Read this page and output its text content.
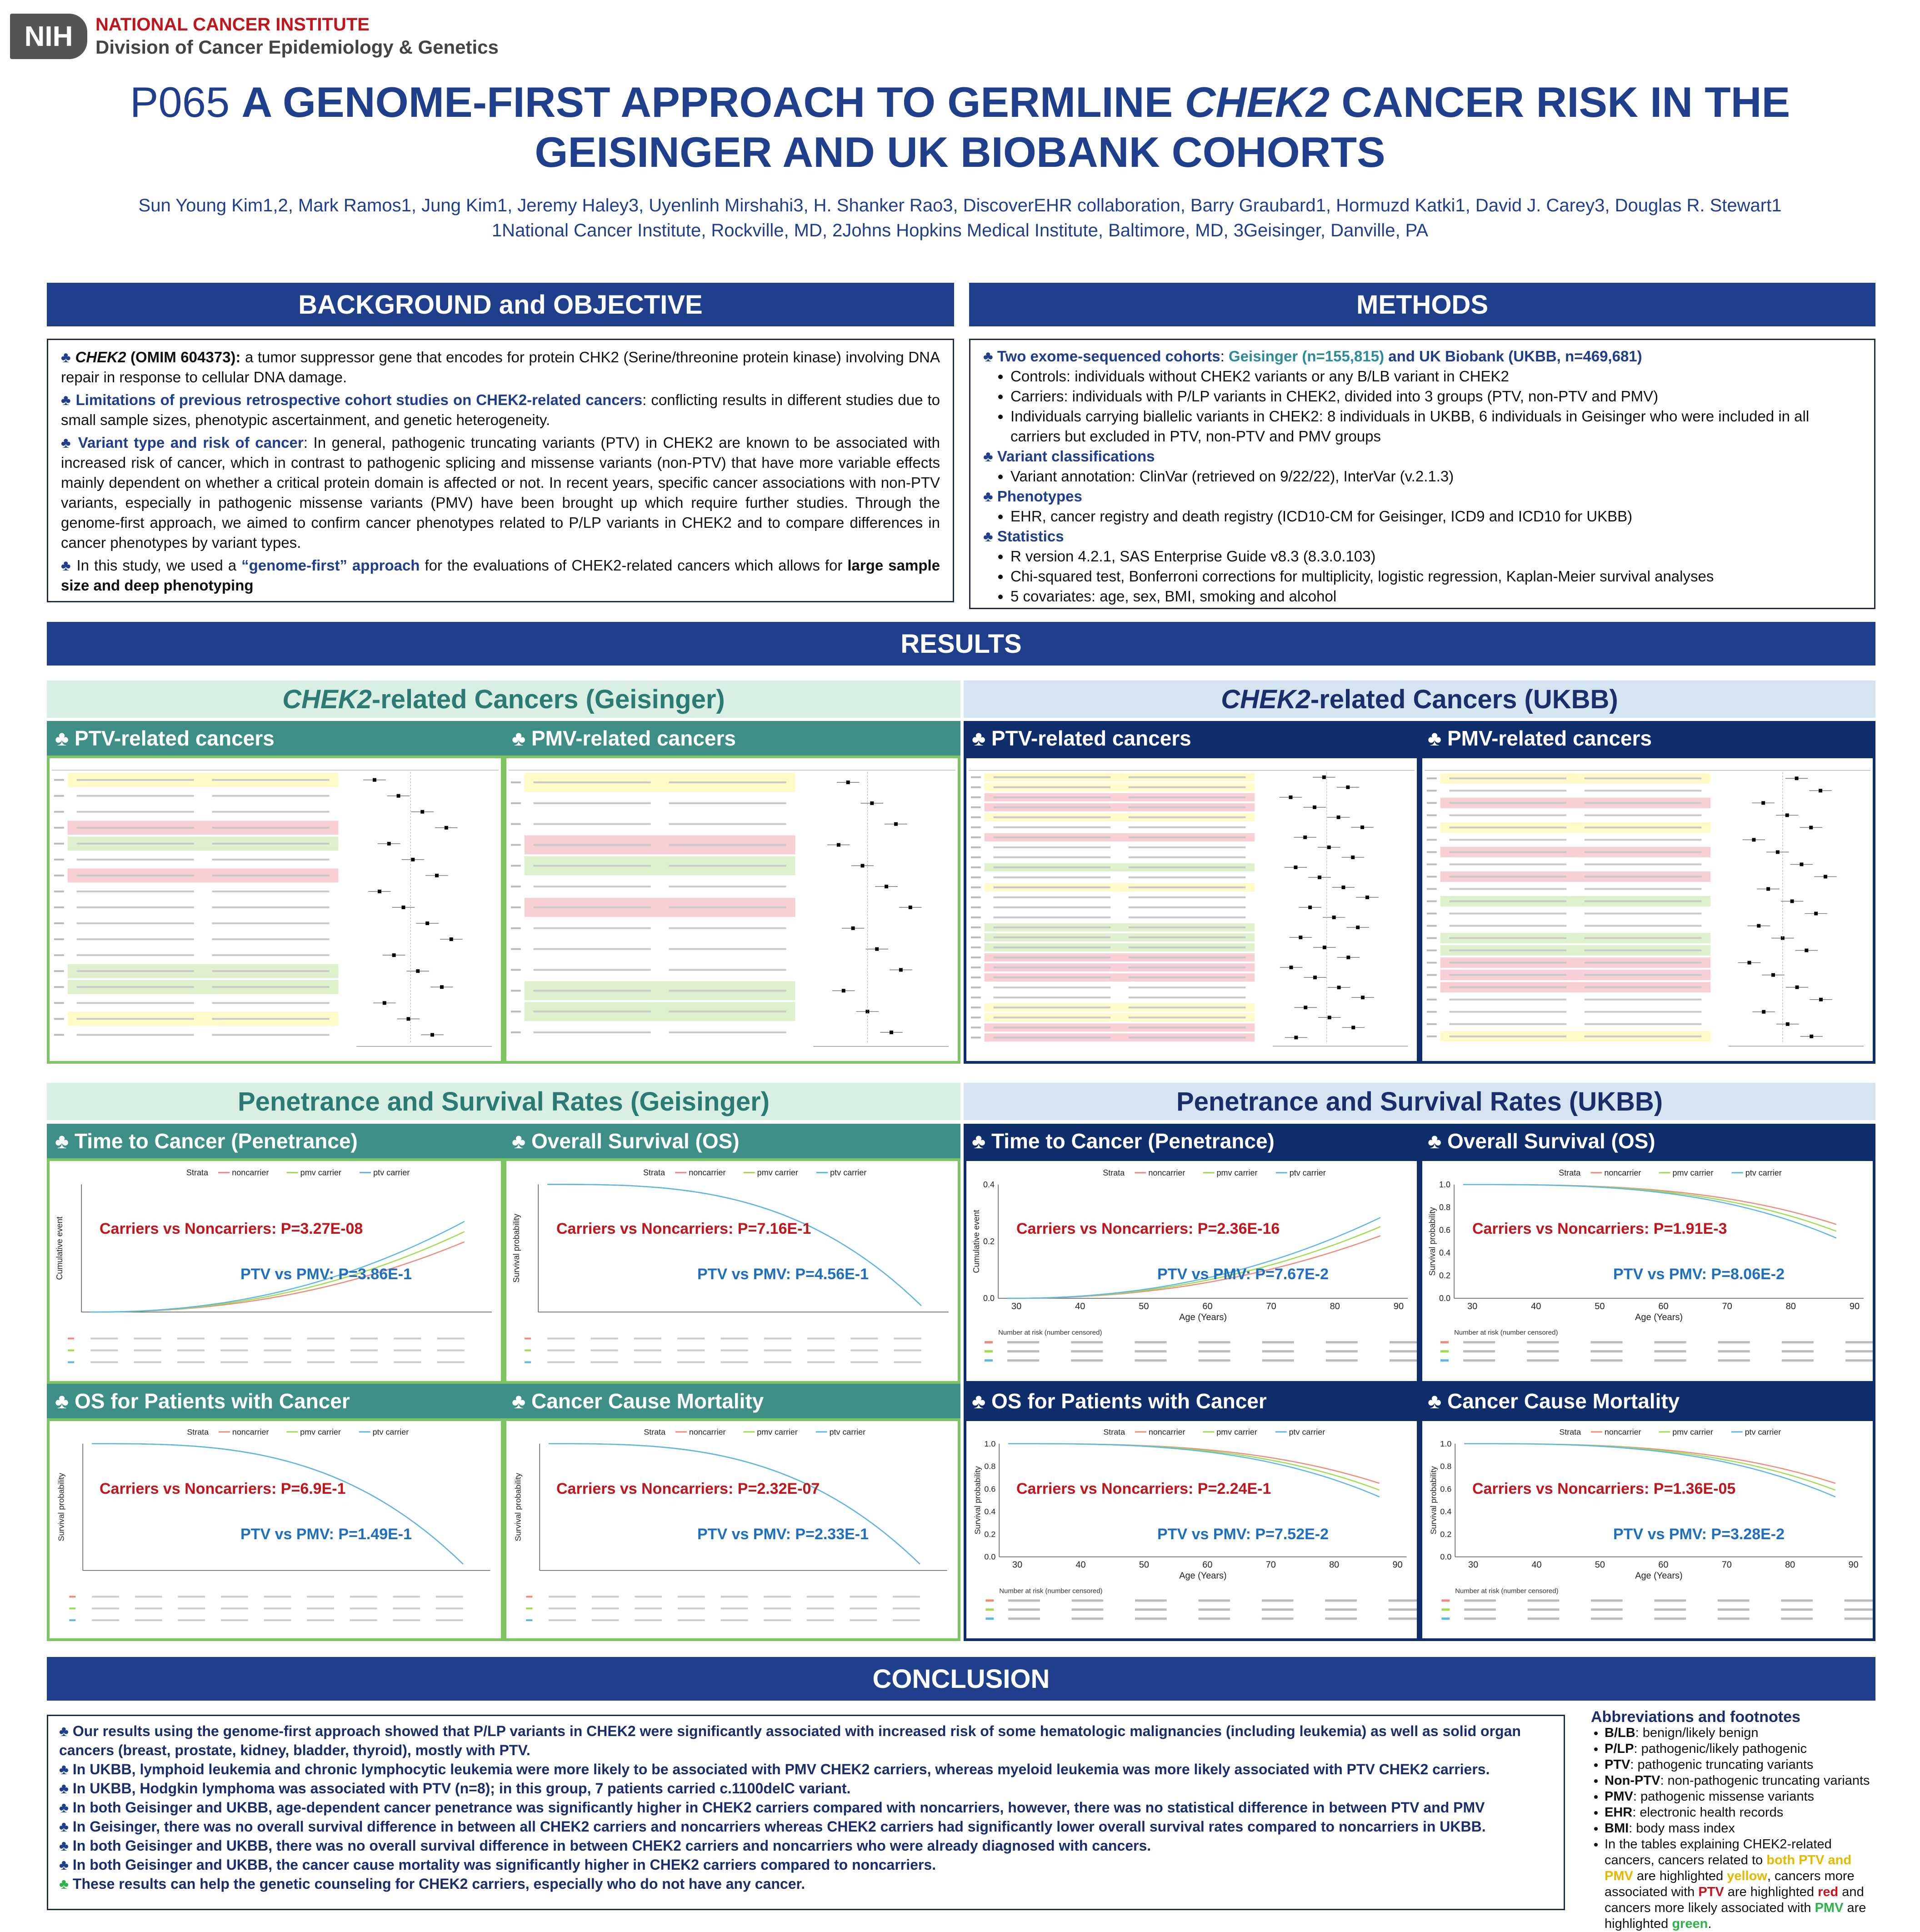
NIH	NATIONAL CANCER INSTITUTE
Division of Cancer Epidemiology & Genetics
P065 A GENOME-FIRST APPROACH TO GERMLINE CHEK2 CANCER RISK IN THE
GEISINGER AND UK BIOBANK COHORTS
Sun Young Kim1,2, Mark Ramos1, Jung Kim1, Jeremy Haley3, Uyenlinh Mirshahi3, H. Shanker Rao3, DiscoverEHR collaboration, Barry Graubard1, Hormuzd Katki1, David J. Carey3, Douglas R. Stewart1
1National Cancer Institute, Rockville, MD, 2Johns Hopkins Medical Institute, Baltimore, MD, 3Geisinger, Danville, PA
BACKGROUND and OBJECTIVE

♣ CHEK2 (OMIM 604373): a tumor suppressor gene that encodes for protein CHK2 (Serine/threonine protein kinase) involving DNA repair in response to cellular DNA damage.

♣ Limitations of previous retrospective cohort studies on CHEK2-related cancers: conflicting results in different studies due to small sample sizes, phenotypic ascertainment, and genetic heterogeneity.

♣ Variant type and risk of cancer: In general, pathogenic truncating variants (PTV) in CHEK2 are known to be associated with increased risk of cancer, which in contrast to pathogenic splicing and missense variants (non-PTV) that have more variable effects mainly dependent on whether a critical protein domain is affected or not. In recent years, specific cancer associations with non-PTV variants, especially in pathogenic missense variants (PMV) have been brought up which require further studies. Through the genome-first approach, we aimed to confirm cancer phenotypes related to P/LP variants in CHEK2 and to compare differences in cancer phenotypes by variant types.

♣ In this study, we used a “genome-first” approach for the evaluations of CHEK2-related cancers which allows for large sample size and deep phenotyping

METHODS
♣ Two exome-sequenced cohorts: Geisinger (n=155,815) and UK Biobank (UKBB, n=469,681)
• Controls: individuals without CHEK2 variants or any B/LB variant in CHEK2
• Carriers: individuals with P/LP variants in CHEK2, divided into 3 groups (PTV, non-PTV and PMV)
• Individuals carrying biallelic variants in CHEK2: 8 individuals in UKBB, 6 individuals in Geisinger who were included in all carriers but excluded in PTV, non-PTV and PMV groups
♣ Variant classifications
• Variant annotation: ClinVar (retrieved on 9/22/22), InterVar (v.2.1.3)
♣ Phenotypes
• EHR, cancer registry and death registry (ICD10-CM for Geisinger, ICD9 and ICD10 for UKBB)
♣ Statistics
• R version 4.2.1, SAS Enterprise Guide v8.3 (8.3.0.103)
• Chi-squared test, Bonferroni corrections for multiplicity, logistic regression, Kaplan-Meier survival analyses
• 5 covariates: age, sex, BMI, smoking and alcohol
RESULTS
CHEK2 -related Cancers (Geisinger)	CHEK2 -related Cancers (UKBB)
♣ PTV-related cancers	♣ PMV-related cancers	♣ PTV-related cancers	♣ PMV-related cancers
Penetrance and Survival Rates (Geisinger)	Penetrance and Survival Rates (UKBB)
♣ Time to Cancer (Penetrance)	♣ Overall Survival (OS)	♣ Time to Cancer (Penetrance)	♣ Overall Survival (OS)
♣ OS for Patients with Cancer	♣ Cancer Cause Mortality	♣ OS for Patients with Cancer	♣ Cancer Cause Mortality
Strata	noncarrier	pmv carrier	ptv carrier
Cumulative event Carriers vs Noncarriers: P=3.27E-08
PTV vs PMV: P=3.86E-1
Strata	noncarrier	pmv carrier	ptv carrier
Survival probability Carriers vs Noncarriers: P=7.16E-1
PTV vs PMV: P=4.56E-1
Strata	noncarrier	pmv carrier	ptv carrier
Cumulative event
30	40	50	60	70	80	90
Age (Years)
0.0
0.2
0.4
Number at risk (number censored)
Carriers vs Noncarriers: P=2.36E-16
PTV vs PMV: P=7.67E-2
Strata	noncarrier	pmv carrier	ptv carrier
Survival probability
30	40	50	60	70	80	90
Age (Years)
0.0
0.2
0.4
0.6
0.8
1.0
Number at risk (number censored)
Carriers vs Noncarriers: P=1.91E-3
PTV vs PMV: P=8.06E-2
Strata	noncarrier	pmv carrier	ptv carrier
Survival probability Carriers vs Noncarriers: P=6.9E-1
PTV vs PMV: P=1.49E-1
Strata	noncarrier	pmv carrier	ptv carrier
Survival probability Carriers vs Noncarriers: P=2.32E-07
PTV vs PMV: P=2.33E-1
Strata	noncarrier	pmv carrier	ptv carrier
Survival probability
30	40	50	60	70	80	90
Age (Years)
0.0
0.2
0.4
0.6
0.8
1.0
Number at risk (number censored)
Carriers vs Noncarriers: P=2.24E-1
PTV vs PMV: P=7.52E-2
Strata	noncarrier	pmv carrier	ptv carrier
Survival probability
30	40	50	60	70	80	90
Age (Years)
0.0
0.2
0.4
0.6
0.8
1.0
Number at risk (number censored)
Carriers vs Noncarriers: P=1.36E-05
PTV vs PMV: P=3.28E-2
CONCLUSION
♣ Our results using the genome-first approach showed that P/LP variants in CHEK2 were significantly associated with increased risk of some hematologic malignancies (including leukemia) as well as solid organ cancers (breast, prostate, kidney, bladder, thyroid), mostly with PTV.
♣ In UKBB, lymphoid leukemia and chronic lymphocytic leukemia were more likely to be associated with PMV CHEK2 carriers, whereas myeloid leukemia was more likely associated with PTV CHEK2 carriers.
♣ In UKBB, Hodgkin lymphoma was associated with PTV (n=8); in this group, 7 patients carried c.1100delC variant.
♣ In both Geisinger and UKBB, age-dependent cancer penetrance was significantly higher in CHEK2 carriers compared with noncarriers, however, there was no statistical difference in between PTV and PMV
♣ In Geisinger, there was no overall survival difference in between all CHEK2 carriers and noncarriers whereas CHEK2 carriers had significantly lower overall survival rates compared to noncarriers in UKBB.
♣ In both Geisinger and UKBB, there was no overall survival difference in between CHEK2 carriers and noncarriers who were already diagnosed with cancers.
♣ In both Geisinger and UKBB, the cancer cause mortality was significantly higher in CHEK2 carriers compared to noncarriers.
♣ These results can help the genetic counseling for CHEK2 carriers, especially who do not have any cancer.
Abbreviations and footnotes
• B/LB: benign/likely benign
• P/LP: pathogenic/likely pathogenic
• PTV: pathogenic truncating variants
• Non-PTV: non-pathogenic truncating variants
• PMV: pathogenic missense variants
• EHR: electronic health records
• BMI: body mass index
• In the tables explaining CHEK2-related cancers, cancers related to both PTV and PMV are highlighted yellow, cancers more associated with PTV are highlighted red and cancers more likely associated with PMV are highlighted green.
